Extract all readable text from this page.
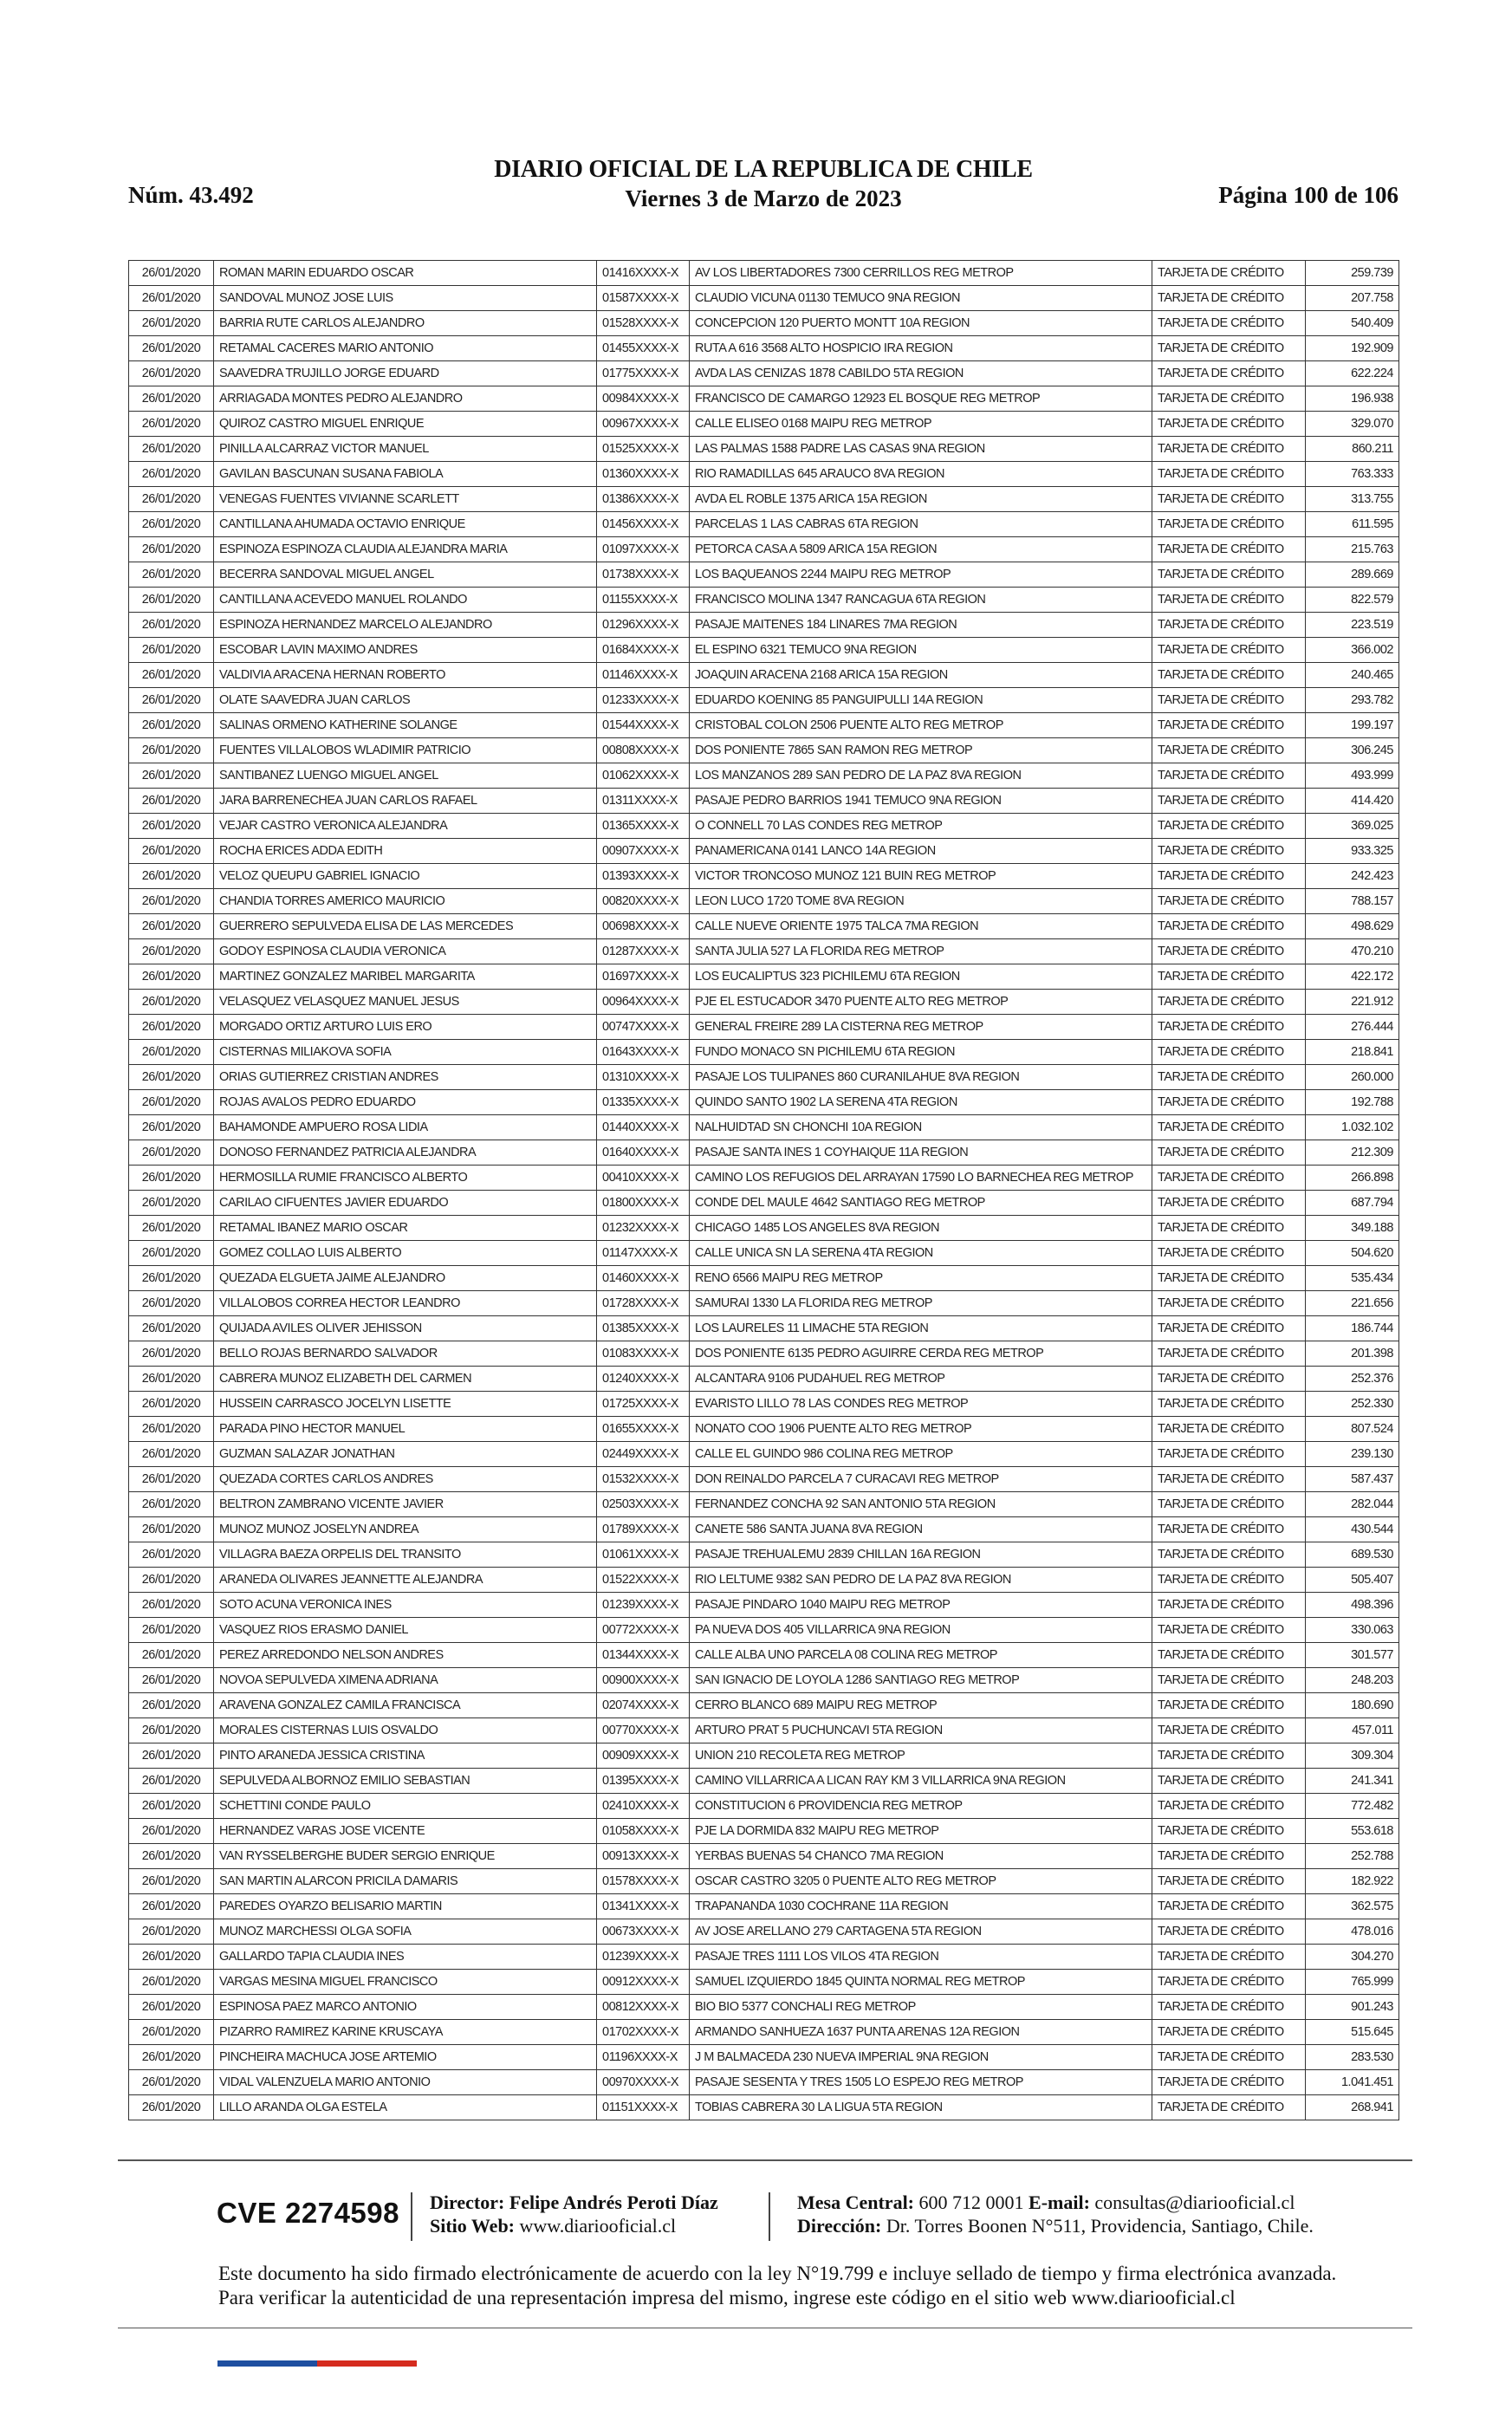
Núm. 43.492
DIARIO OFICIAL DE LA REPUBLICA DE CHILE
Viernes 3 de Marzo de 2023	Página 100 de 106
26/01/2020	ROMAN MARIN EDUARDO OSCAR	01416XXXX-X	AV LOS LIBERTADORES 7300 CERRILLOS REG METROP	TARJETA DE CRÉDITO	259.739
26/01/2020	SANDOVAL MUNOZ JOSE LUIS	01587XXXX-X	CLAUDIO VICUNA 01130 TEMUCO 9NA REGION	TARJETA DE CRÉDITO	207.758
26/01/2020	BARRIA RUTE CARLOS ALEJANDRO	01528XXXX-X	CONCEPCION 120 PUERTO MONTT 10A REGION	TARJETA DE CRÉDITO	540.409
26/01/2020	RETAMAL CACERES MARIO ANTONIO	01455XXXX-X	RUTA A 616 3568 ALTO HOSPICIO IRA REGION	TARJETA DE CRÉDITO	192.909
26/01/2020	SAAVEDRA TRUJILLO JORGE EDUARD	01775XXXX-X	AVDA LAS CENIZAS 1878 CABILDO 5TA REGION	TARJETA DE CRÉDITO	622.224
26/01/2020	ARRIAGADA MONTES PEDRO ALEJANDRO	00984XXXX-X	FRANCISCO DE CAMARGO 12923 EL BOSQUE REG METROP	TARJETA DE CRÉDITO	196.938
26/01/2020	QUIROZ CASTRO MIGUEL ENRIQUE	00967XXXX-X	CALLE ELISEO 0168 MAIPU REG METROP	TARJETA DE CRÉDITO	329.070
26/01/2020	PINILLA ALCARRAZ VICTOR MANUEL	01525XXXX-X	LAS PALMAS 1588 PADRE LAS CASAS 9NA REGION	TARJETA DE CRÉDITO	860.211
26/01/2020	GAVILAN BASCUNAN SUSANA FABIOLA	01360XXXX-X	RIO RAMADILLAS 645 ARAUCO 8VA REGION	TARJETA DE CRÉDITO	763.333
26/01/2020	VENEGAS FUENTES VIVIANNE SCARLETT	01386XXXX-X	AVDA EL ROBLE 1375 ARICA 15A REGION	TARJETA DE CRÉDITO	313.755
26/01/2020	CANTILLANA AHUMADA OCTAVIO ENRIQUE	01456XXXX-X	PARCELAS 1 LAS CABRAS 6TA REGION	TARJETA DE CRÉDITO	611.595
26/01/2020	ESPINOZA ESPINOZA CLAUDIA ALEJANDRA MARIA	01097XXXX-X	PETORCA CASA A 5809 ARICA 15A REGION	TARJETA DE CRÉDITO	215.763
26/01/2020	BECERRA SANDOVAL MIGUEL ANGEL	01738XXXX-X	LOS BAQUEANOS 2244 MAIPU REG METROP	TARJETA DE CRÉDITO	289.669
26/01/2020	CANTILLANA ACEVEDO MANUEL ROLANDO	01155XXXX-X	FRANCISCO MOLINA 1347 RANCAGUA 6TA REGION	TARJETA DE CRÉDITO	822.579
26/01/2020	ESPINOZA HERNANDEZ MARCELO ALEJANDRO	01296XXXX-X	PASAJE MAITENES 184 LINARES 7MA REGION	TARJETA DE CRÉDITO	223.519
26/01/2020	ESCOBAR LAVIN MAXIMO ANDRES	01684XXXX-X	EL ESPINO 6321 TEMUCO 9NA REGION	TARJETA DE CRÉDITO	366.002
26/01/2020	VALDIVIA ARACENA HERNAN ROBERTO	01146XXXX-X	JOAQUIN ARACENA 2168 ARICA 15A REGION	TARJETA DE CRÉDITO	240.465
26/01/2020	OLATE SAAVEDRA JUAN CARLOS	01233XXXX-X	EDUARDO KOENING 85 PANGUIPULLI 14A REGION	TARJETA DE CRÉDITO	293.782
26/01/2020	SALINAS ORMENO KATHERINE SOLANGE	01544XXXX-X	CRISTOBAL COLON 2506 PUENTE ALTO REG METROP	TARJETA DE CRÉDITO	199.197
26/01/2020	FUENTES VILLALOBOS WLADIMIR PATRICIO	00808XXXX-X	DOS PONIENTE 7865 SAN RAMON REG METROP	TARJETA DE CRÉDITO	306.245
26/01/2020	SANTIBANEZ LUENGO MIGUEL ANGEL	01062XXXX-X	LOS MANZANOS 289 SAN PEDRO DE LA PAZ 8VA REGION	TARJETA DE CRÉDITO	493.999
26/01/2020	JARA BARRENECHEA JUAN CARLOS RAFAEL	01311XXXX-X	PASAJE PEDRO BARRIOS 1941 TEMUCO 9NA REGION	TARJETA DE CRÉDITO	414.420
26/01/2020	VEJAR CASTRO VERONICA ALEJANDRA	01365XXXX-X	O CONNELL 70 LAS CONDES REG METROP	TARJETA DE CRÉDITO	369.025
26/01/2020	ROCHA ERICES ADDA EDITH	00907XXXX-X	PANAMERICANA 0141 LANCO 14A REGION	TARJETA DE CRÉDITO	933.325
26/01/2020	VELOZ QUEUPU GABRIEL IGNACIO	01393XXXX-X	VICTOR TRONCOSO MUNOZ 121 BUIN REG METROP	TARJETA DE CRÉDITO	242.423
26/01/2020	CHANDIA TORRES AMERICO MAURICIO	00820XXXX-X	LEON LUCO 1720 TOME 8VA REGION	TARJETA DE CRÉDITO	788.157
26/01/2020	GUERRERO SEPULVEDA ELISA DE LAS MERCEDES	00698XXXX-X	CALLE NUEVE ORIENTE 1975 TALCA 7MA REGION	TARJETA DE CRÉDITO	498.629
26/01/2020	GODOY ESPINOSA CLAUDIA VERONICA	01287XXXX-X	SANTA JULIA 527 LA FLORIDA REG METROP	TARJETA DE CRÉDITO	470.210
26/01/2020	MARTINEZ GONZALEZ MARIBEL MARGARITA	01697XXXX-X	LOS EUCALIPTUS 323 PICHILEMU 6TA REGION	TARJETA DE CRÉDITO	422.172
26/01/2020	VELASQUEZ VELASQUEZ MANUEL JESUS	00964XXXX-X	PJE EL ESTUCADOR 3470 PUENTE ALTO REG METROP	TARJETA DE CRÉDITO	221.912
26/01/2020	MORGADO ORTIZ ARTURO LUIS ERO	00747XXXX-X	GENERAL FREIRE 289 LA CISTERNA REG METROP	TARJETA DE CRÉDITO	276.444
26/01/2020	CISTERNAS MILIAKOVA SOFIA	01643XXXX-X	FUNDO MONACO SN PICHILEMU 6TA REGION	TARJETA DE CRÉDITO	218.841
26/01/2020	ORIAS GUTIERREZ CRISTIAN ANDRES	01310XXXX-X	PASAJE LOS TULIPANES 860 CURANILAHUE 8VA REGION	TARJETA DE CRÉDITO	260.000
26/01/2020	ROJAS AVALOS PEDRO EDUARDO	01335XXXX-X	QUINDO SANTO 1902 LA SERENA 4TA REGION	TARJETA DE CRÉDITO	192.788
26/01/2020	BAHAMONDE AMPUERO ROSA LIDIA	01440XXXX-X	NALHUIDTAD SN CHONCHI 10A REGION	TARJETA DE CRÉDITO	1.032.102
26/01/2020	DONOSO FERNANDEZ PATRICIA ALEJANDRA	01640XXXX-X	PASAJE SANTA INES 1 COYHAIQUE 11A REGION	TARJETA DE CRÉDITO	212.309
26/01/2020	HERMOSILLA RUMIE FRANCISCO ALBERTO	00410XXXX-X	CAMINO LOS REFUGIOS DEL ARRAYAN 17590 LO BARNECHEA REG METROP	TARJETA DE CRÉDITO	266.898
26/01/2020	CARILAO CIFUENTES JAVIER EDUARDO	01800XXXX-X	CONDE DEL MAULE 4642 SANTIAGO REG METROP	TARJETA DE CRÉDITO	687.794
26/01/2020	RETAMAL IBANEZ MARIO OSCAR	01232XXXX-X	CHICAGO 1485 LOS ANGELES 8VA REGION	TARJETA DE CRÉDITO	349.188
26/01/2020	GOMEZ COLLAO LUIS ALBERTO	01147XXXX-X	CALLE UNICA SN LA SERENA 4TA REGION	TARJETA DE CRÉDITO	504.620
26/01/2020	QUEZADA ELGUETA JAIME ALEJANDRO	01460XXXX-X	RENO 6566 MAIPU REG METROP	TARJETA DE CRÉDITO	535.434
26/01/2020	VILLALOBOS CORREA HECTOR LEANDRO	01728XXXX-X	SAMURAI 1330 LA FLORIDA REG METROP	TARJETA DE CRÉDITO	221.656
26/01/2020	QUIJADA AVILES OLIVER JEHISSON	01385XXXX-X	LOS LAURELES 11 LIMACHE 5TA REGION	TARJETA DE CRÉDITO	186.744
26/01/2020	BELLO ROJAS BERNARDO SALVADOR	01083XXXX-X	DOS PONIENTE 6135 PEDRO AGUIRRE CERDA REG METROP	TARJETA DE CRÉDITO	201.398
26/01/2020	CABRERA MUNOZ ELIZABETH DEL CARMEN	01240XXXX-X	ALCANTARA 9106 PUDAHUEL REG METROP	TARJETA DE CRÉDITO	252.376
26/01/2020	HUSSEIN CARRASCO JOCELYN LISETTE	01725XXXX-X	EVARISTO LILLO 78 LAS CONDES REG METROP	TARJETA DE CRÉDITO	252.330
26/01/2020	PARADA PINO HECTOR MANUEL	01655XXXX-X	NONATO COO 1906 PUENTE ALTO REG METROP	TARJETA DE CRÉDITO	807.524
26/01/2020	GUZMAN SALAZAR JONATHAN	02449XXXX-X	CALLE EL GUINDO 986 COLINA REG METROP	TARJETA DE CRÉDITO	239.130
26/01/2020	QUEZADA CORTES CARLOS ANDRES	01532XXXX-X	DON REINALDO PARCELA 7 CURACAVI REG METROP	TARJETA DE CRÉDITO	587.437
26/01/2020	BELTRON ZAMBRANO VICENTE JAVIER	02503XXXX-X	FERNANDEZ CONCHA 92 SAN ANTONIO 5TA REGION	TARJETA DE CRÉDITO	282.044
26/01/2020	MUNOZ MUNOZ JOSELYN ANDREA	01789XXXX-X	CANETE 586 SANTA JUANA 8VA REGION	TARJETA DE CRÉDITO	430.544
26/01/2020	VILLAGRA BAEZA ORPELIS DEL TRANSITO	01061XXXX-X	PASAJE TREHUALEMU 2839 CHILLAN 16A REGION	TARJETA DE CRÉDITO	689.530
26/01/2020	ARANEDA OLIVARES JEANNETTE ALEJANDRA	01522XXXX-X	RIO LELTUME 9382 SAN PEDRO DE LA PAZ 8VA REGION	TARJETA DE CRÉDITO	505.407
26/01/2020	SOTO ACUNA VERONICA INES	01239XXXX-X	PASAJE PINDARO 1040 MAIPU REG METROP	TARJETA DE CRÉDITO	498.396
26/01/2020	VASQUEZ RIOS ERASMO DANIEL	00772XXXX-X	PA NUEVA DOS 405 VILLARRICA 9NA REGION	TARJETA DE CRÉDITO	330.063
26/01/2020	PEREZ ARREDONDO NELSON ANDRES	01344XXXX-X	CALLE ALBA UNO PARCELA 08 COLINA REG METROP	TARJETA DE CRÉDITO	301.577
26/01/2020	NOVOA SEPULVEDA XIMENA ADRIANA	00900XXXX-X	SAN IGNACIO DE LOYOLA 1286 SANTIAGO REG METROP	TARJETA DE CRÉDITO	248.203
26/01/2020	ARAVENA GONZALEZ CAMILA FRANCISCA	02074XXXX-X	CERRO BLANCO 689 MAIPU REG METROP	TARJETA DE CRÉDITO	180.690
26/01/2020	MORALES CISTERNAS LUIS OSVALDO	00770XXXX-X	ARTURO PRAT 5 PUCHUNCAVI 5TA REGION	TARJETA DE CRÉDITO	457.011
26/01/2020	PINTO ARANEDA JESSICA CRISTINA	00909XXXX-X	UNION 210 RECOLETA REG METROP	TARJETA DE CRÉDITO	309.304
26/01/2020	SEPULVEDA ALBORNOZ EMILIO SEBASTIAN	01395XXXX-X	CAMINO VILLARRICA A LICAN RAY KM 3 VILLARRICA 9NA REGION	TARJETA DE CRÉDITO	241.341
26/01/2020	SCHETTINI CONDE PAULO	02410XXXX-X	CONSTITUCION 6 PROVIDENCIA REG METROP	TARJETA DE CRÉDITO	772.482
26/01/2020	HERNANDEZ VARAS JOSE VICENTE	01058XXXX-X	PJE LA DORMIDA 832 MAIPU REG METROP	TARJETA DE CRÉDITO	553.618
26/01/2020	VAN RYSSELBERGHE BUDER SERGIO ENRIQUE	00913XXXX-X	YERBAS BUENAS 54 CHANCO 7MA REGION	TARJETA DE CRÉDITO	252.788
26/01/2020	SAN MARTIN ALARCON PRICILA DAMARIS	01578XXXX-X	OSCAR CASTRO 3205 0 PUENTE ALTO REG METROP	TARJETA DE CRÉDITO	182.922
26/01/2020	PAREDES OYARZO BELISARIO MARTIN	01341XXXX-X	TRAPANANDA 1030 COCHRANE 11A REGION	TARJETA DE CRÉDITO	362.575
26/01/2020	MUNOZ MARCHESSI OLGA SOFIA	00673XXXX-X	AV JOSE ARELLANO 279 CARTAGENA 5TA REGION	TARJETA DE CRÉDITO	478.016
26/01/2020	GALLARDO TAPIA CLAUDIA INES	01239XXXX-X	PASAJE TRES 1111 LOS VILOS 4TA REGION	TARJETA DE CRÉDITO	304.270
26/01/2020	VARGAS MESINA MIGUEL FRANCISCO	00912XXXX-X	SAMUEL IZQUIERDO 1845 QUINTA NORMAL REG METROP	TARJETA DE CRÉDITO	765.999
26/01/2020	ESPINOSA PAEZ MARCO ANTONIO	00812XXXX-X	BIO BIO 5377 CONCHALI REG METROP	TARJETA DE CRÉDITO	901.243
26/01/2020	PIZARRO RAMIREZ KARINE KRUSCAYA	01702XXXX-X	ARMANDO SANHUEZA 1637 PUNTA ARENAS 12A REGION	TARJETA DE CRÉDITO	515.645
26/01/2020	PINCHEIRA MACHUCA JOSE ARTEMIO	01196XXXX-X	J M BALMACEDA 230 NUEVA IMPERIAL 9NA REGION	TARJETA DE CRÉDITO	283.530
26/01/2020	VIDAL VALENZUELA MARIO ANTONIO	00970XXXX-X	PASAJE SESENTA Y TRES 1505 LO ESPEJO REG METROP	TARJETA DE CRÉDITO	1.041.451
26/01/2020	LILLO ARANDA OLGA ESTELA	01151XXXX-X	TOBIAS CABRERA 30 LA LIGUA 5TA REGION	TARJETA DE CRÉDITO	268.941
CVE 2274598 Director: Felipe Andrés Peroti Díaz
Sitio Web: www.diariooficial.cl
Mesa Central: 600 712 0001 E-mail: consultas@diariooficial.cl
Dirección: Dr. Torres Boonen N°511, Providencia, Santiago, Chile.
Este documento ha sido firmado electrónicamente de acuerdo con la ley N°19.799 e incluye sellado de tiempo y firma electrónica avanzada. Para verificar la autenticidad de una representación impresa del mismo, ingrese este código en el sitio web www.diariooficial.cl
